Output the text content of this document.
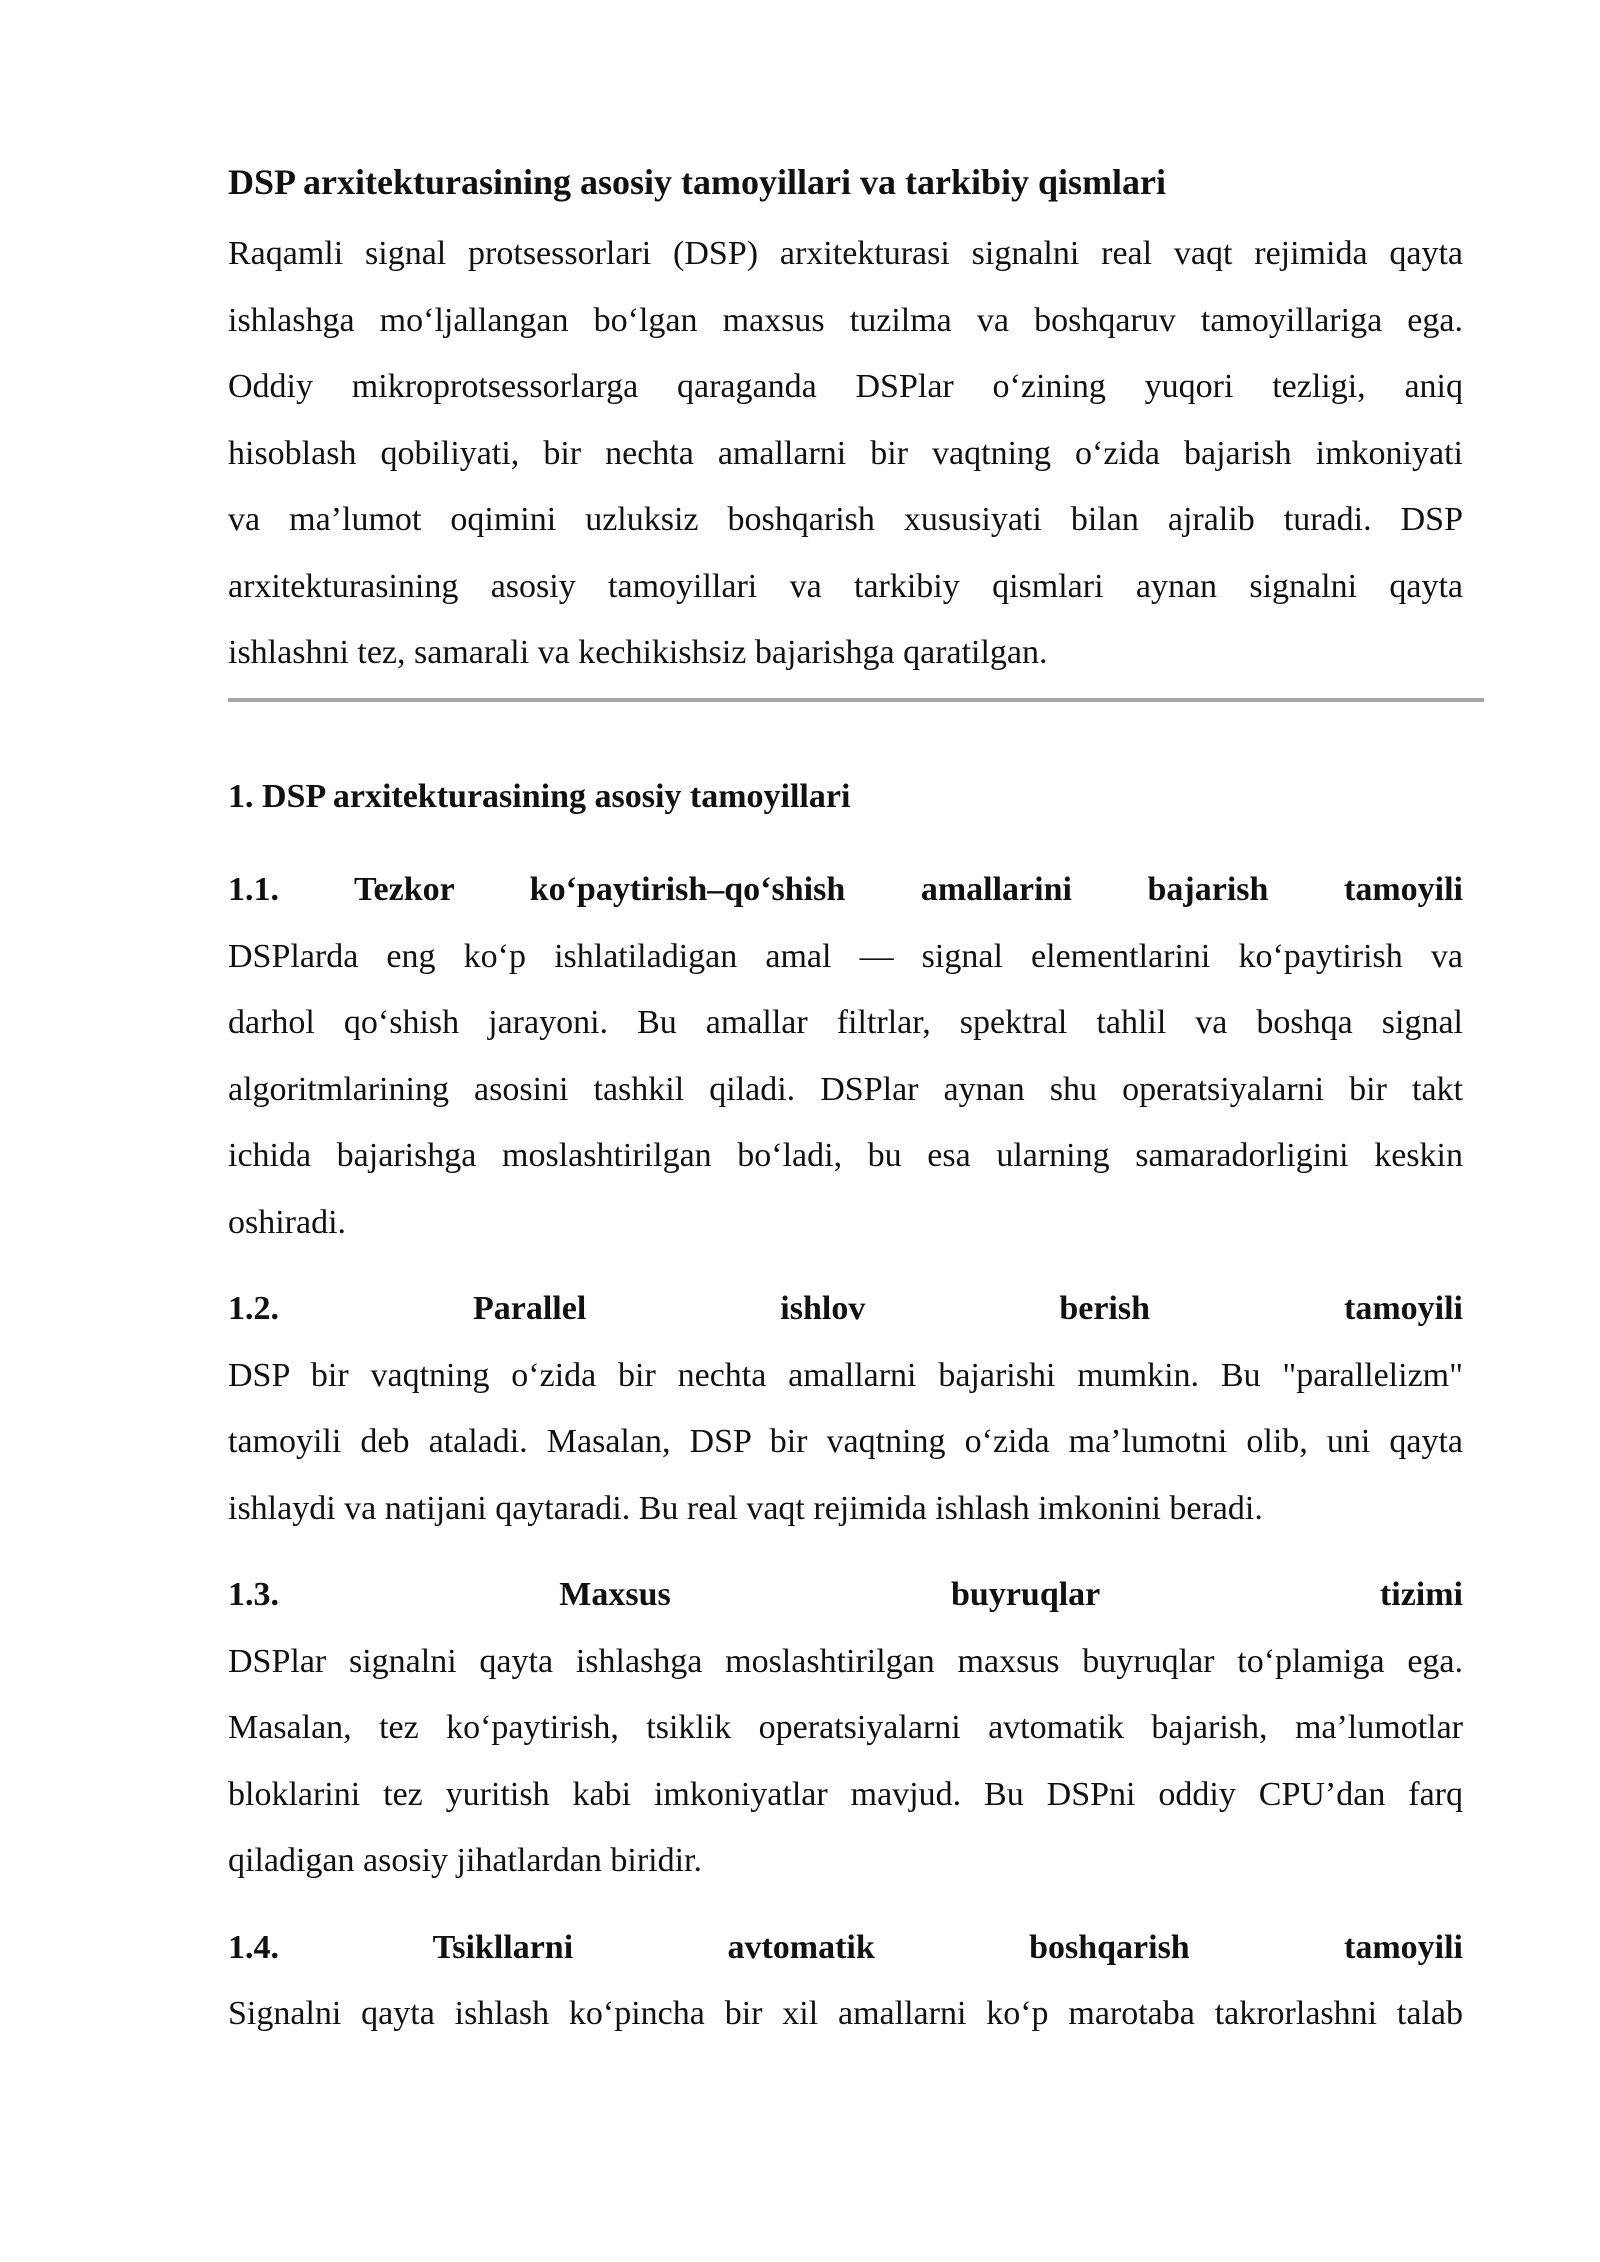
DSP arxitekturasining asosiy tamoyillari va tarkibiy qismlari
Raqamli signal protsessorlari (DSP) arxitekturasi signalni real vaqt rejimida qayta
ishlashga mo‘ljallangan bo‘lgan maxsus tuzilma va boshqaruv tamoyillariga ega.
Oddiy mikroprotsessorlarga qaraganda DSPlar o‘zining yuqori tezligi, aniq
hisoblash qobiliyati, bir nechta amallarni bir vaqtning o‘zida bajarish imkoniyati
va ma’lumot oqimini uzluksiz boshqarish xususiyati bilan ajralib turadi. DSP
arxitekturasining asosiy tamoyillari va tarkibiy qismlari aynan signalni qayta
ishlashni tez, samarali va kechikishsiz bajarishga qaratilgan.
1. DSP arxitekturasining asosiy tamoyillari
1.1. Tezkor ko‘paytirish–qo‘shish amallarini bajarish tamoyili
DSPlarda eng ko‘p ishlatiladigan amal — signal elementlarini ko‘paytirish va
darhol qo‘shish jarayoni. Bu amallar filtrlar, spektral tahlil va boshqa signal
algoritmlarining asosini tashkil qiladi. DSPlar aynan shu operatsiyalarni bir takt
ichida bajarishga moslashtirilgan bo‘ladi, bu esa ularning samaradorligini keskin
oshiradi.
1.2. Parallel ishlov berish tamoyili
DSP bir vaqtning o‘zida bir nechta amallarni bajarishi mumkin. Bu "parallelizm"
tamoyili deb ataladi. Masalan, DSP bir vaqtning o‘zida ma’lumotni olib, uni qayta
ishlaydi va natijani qaytaradi. Bu real vaqt rejimida ishlash imkonini beradi.
1.3. Maxsus buyruqlar tizimi
DSPlar signalni qayta ishlashga moslashtirilgan maxsus buyruqlar to‘plamiga ega.
Masalan, tez ko‘paytirish, tsiklik operatsiyalarni avtomatik bajarish, ma’lumotlar
bloklarini tez yuritish kabi imkoniyatlar mavjud. Bu DSPni oddiy CPU’dan farq
qiladigan asosiy jihatlardan biridir.
1.4. Tsikllarni avtomatik boshqarish tamoyili
Signalni qayta ishlash ko‘pincha bir xil amallarni ko‘p marotaba takrorlashni talab
